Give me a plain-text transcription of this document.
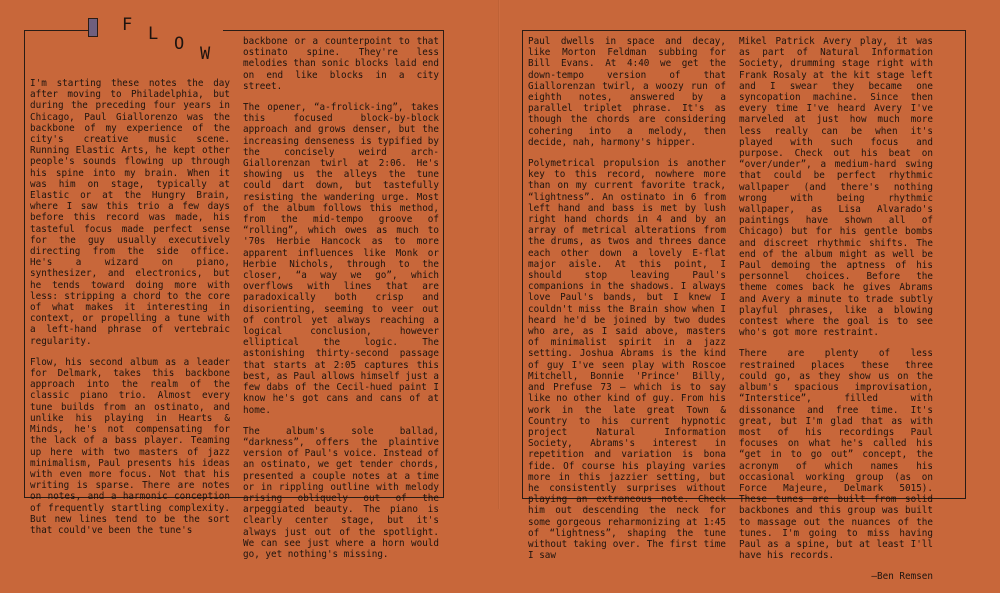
F L O W

I'm starting these notes the day after moving to Philadelphia, but during the preceding four years in Chicago, Paul Giallorenzo was the backbone of my experience of the city's creative music scene. Running Elastic Arts, he kept other people's sounds flowing up through his spine into my brain. When it was him on stage, typically at Elastic or at the Hungry Brain, where I saw this trio a few days before this record was made, his tasteful focus made perfect sense for the guy usually executively directing from the side office. He's a wizard on piano, synthesizer, and electronics, but he tends toward doing more with less: stripping a chord to the core of what makes it interesting in context, or propelling a tune with a left-hand phrase of vertebraic regularity.

Flow, his second album as a leader for Delmark, takes this backbone approach into the realm of the classic piano trio. Almost every tune builds from an ostinato, and unlike his playing in Hearts & Minds, he's not compensating for the lack of a bass player. Teaming up here with two masters of jazz minimalism, Paul presents his ideas with even more focus. Not that his writing is sparse. There are notes on notes, and a harmonic conception of frequently startling complexity. But new lines tend to be the sort that could've been the tune's

backbone or a counterpoint to that ostinato spine. They're less melodies than sonic blocks laid end on end like blocks in a city street.

The opener, “a-frolick-ing”, takes this focused block-by-block approach and grows denser, but the increasing denseness is typified by the concisely weird arch-Giallorenzan twirl at 2:06. He's showing us the alleys the tune could dart down, but tastefully resisting the wandering urge. Most of the album follows this method, from the mid-tempo groove of “rolling”, which owes as much to '70s Herbie Hancock as to more apparent influences like Monk or Herbie Nichols, through to the closer, “a way we go”, which overflows with lines that are paradoxically both crisp and disorienting, seeming to veer out of control yet always reaching a logical conclusion, however elliptical the logic. The astonishing thirty-second passage that starts at 2:05 captures this best, as Paul allows himself just a few dabs of the Cecil-hued paint I know he's got cans and cans of at home.

The album's sole ballad, “darkness”, offers the plaintive version of Paul's voice. Instead of an ostinato, we get tender chords, presented a couple notes at a time or in rippling outline with melody arising obliquely out of the arpeggiated beauty. The piano is clearly center stage, but it's always just out of the spotlight. We can see just where a horn would go, yet nothing's missing.

Paul dwells in space and decay, like Morton Feldman subbing for Bill Evans. At 4:40 we get the down-tempo version of that Giallorenzan twirl, a woozy run of eighth notes, answered by a parallel triplet phrase. It's as though the chords are considering cohering into a melody, then decide, nah, harmony's hipper.

Polymetrical propulsion is another key to this record, nowhere more than on my current favorite track, “lightness”. An ostinato in 6 from left hand and bass is met by lush right hand chords in 4 and by an array of metrical alterations from the drums, as twos and threes dance each other down a lovely E-flat major aisle. At this point, I should stop leaving Paul's companions in the shadows. I always love Paul's bands, but I knew I couldn't miss the Brain show when I heard he'd be joined by two dudes who are, as I said above, masters of minimalist spirit in a jazz setting. Joshua Abrams is the kind of guy I've seen play with Roscoe Mitchell, Bonnie 'Prince' Billy, and Prefuse 73 — which is to say like no other kind of guy. From his work in the late great Town & Country to his current hypnotic project Natural Information Society, Abrams's interest in repetition and variation is bona fide. Of course his playing varies more in this jazzier setting, but he consistently surprises without playing an extraneous note. Check him out descending the neck for some gorgeous reharmonizing at 1:45 of “lightness”, shaping the tune without taking over. The first time I saw

Mikel Patrick Avery play, it was as part of Natural Information Society, drumming stage right with Frank Rosaly at the kit stage left and I swear they became one syncopation machine. Since then every time I've heard Avery I've marveled at just how much more less really can be when it's played with such focus and purpose. Check out his beat on “over/under”, a medium-hard swing that could be perfect rhythmic wallpaper (and there's nothing wrong with being rhythmic wallpaper, as Lisa Alvarado's paintings have shown all of Chicago) but for his gentle bombs and discreet rhythmic shifts. The end of the album might as well be Paul demoing the aptness of his personnel choices. Before the theme comes back he gives Abrams and Avery a minute to trade subtly playful phrases, like a blowing contest where the goal is to see who's got more restraint.

There are plenty of less restrained places these three could go, as they show us on the album's spacious improvisation, “Interstice”, filled with dissonance and free time. It's great, but I'm glad that as with most of his recordings Paul focuses on what he's called his “get in to go out” concept, the acronym of which names his occasional working group (as on Force Majeure, Delmark 5015). These tunes are built from solid backbones and this group was built to massage out the nuances of the tunes. I'm going to miss having Paul as a spine, but at least I'll have his records.

—Ben Remsen
